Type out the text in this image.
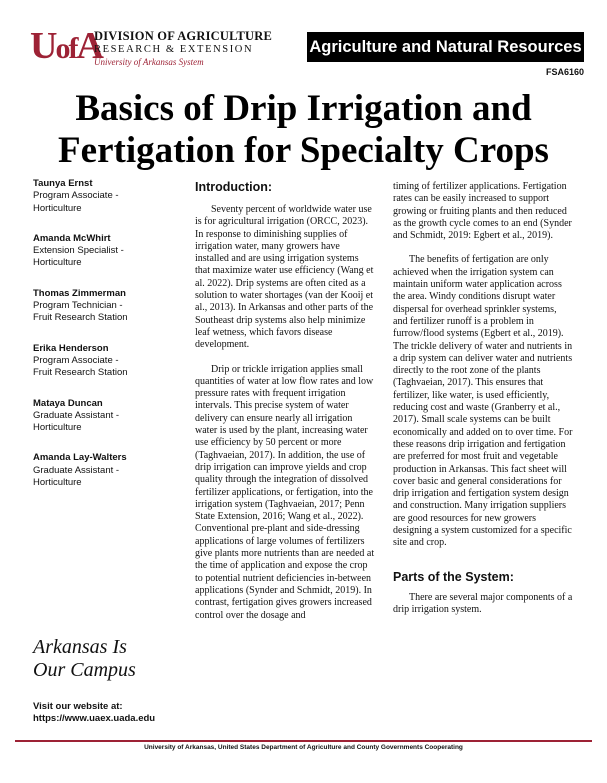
UofA
DIVISION OF AGRICULTURE
RESEARCH & EXTENSION
University of Arkansas System
Agriculture and Natural Resources
FSA6160
Basics of Drip Irrigation and
Fertigation for Specialty Crops
Taunya Ernst
Program Associate -
Horticulture
Amanda McWhirt
Extension Specialist -
Horticulture
Thomas Zimmerman
Program Technician -
Fruit Research Station
Erika Henderson
Program Associate -
Fruit Research Station
Mataya Duncan
Graduate Assistant -
Horticulture
Amanda Lay-Walters
Graduate Assistant -
Horticulture
Arkansas Is
Our Campus
Visit our website at:
https://www.uaex.uada.edu
Introduction:

Seventy percent of worldwide water use is for agricultural irrigation (ORCC, 2023). In response to diminishing supplies of irrigation water, many growers have installed and are using irrigation systems that maximize water use efficiency (Wang et al. 2022). Drip systems are often cited as a solution to water shortages (van der Kooij et al., 2013). In Arkansas and other parts of the Southeast drip systems also help minimize leaf wetness, which favors disease development.

Drip or trickle irrigation applies small quantities of water at low flow rates and low pressure rates with frequent irrigation intervals. This precise system of water delivery can ensure nearly all irrigation water is used by the plant, increasing water use efficiency by 50 percent or more (Taghvaeian, 2017). In addition, the use of drip irrigation can improve yields and crop quality through the integration of dissolved fertilizer applications, or fertigation, into the irrigation system (Taghvaeian, 2017; Penn State Extension, 2016; Wang et al., 2022). Conventional pre-plant and side-dressing applications of large volumes of fertilizers give plants more nutrients than are needed at the time of application and expose the crop to potential nutrient deficiencies in-between applications (Synder and Schmidt, 2019). In contrast, fertigation gives growers increased control over the dosage and

timing of fertilizer applications. Fertigation rates can be easily increased to support growing or fruiting plants and then reduced as the growth cycle comes to an end (Synder and Schmidt, 2019: Egbert et al., 2019).

The benefits of fertigation are only achieved when the irrigation system can maintain uniform water application across the area. Windy conditions disrupt water dispersal for overhead sprinkler systems, and fertilizer runoff is a problem in furrow/flood systems (Egbert et al., 2019). The trickle delivery of water and nutrients in a drip system can deliver water and nutrients directly to the root zone of the plants (Taghvaeian, 2017). This ensures that fertilizer, like water, is used efficiently, reducing cost and waste (Granberry et al., 2017). Small scale systems can be built economically and added on to over time. For these reasons drip irrigation and fertigation are preferred for most fruit and vegetable production in Arkansas. This fact sheet will cover basic and general considerations for drip irrigation and fertigation system design and construction. Many irrigation suppliers are good resources for new growers designing a system customized for a specific site and crop.

Parts of the System:

There are several major components of a drip irrigation system.

University of Arkansas, United States Department of Agriculture and County Governments Cooperating
